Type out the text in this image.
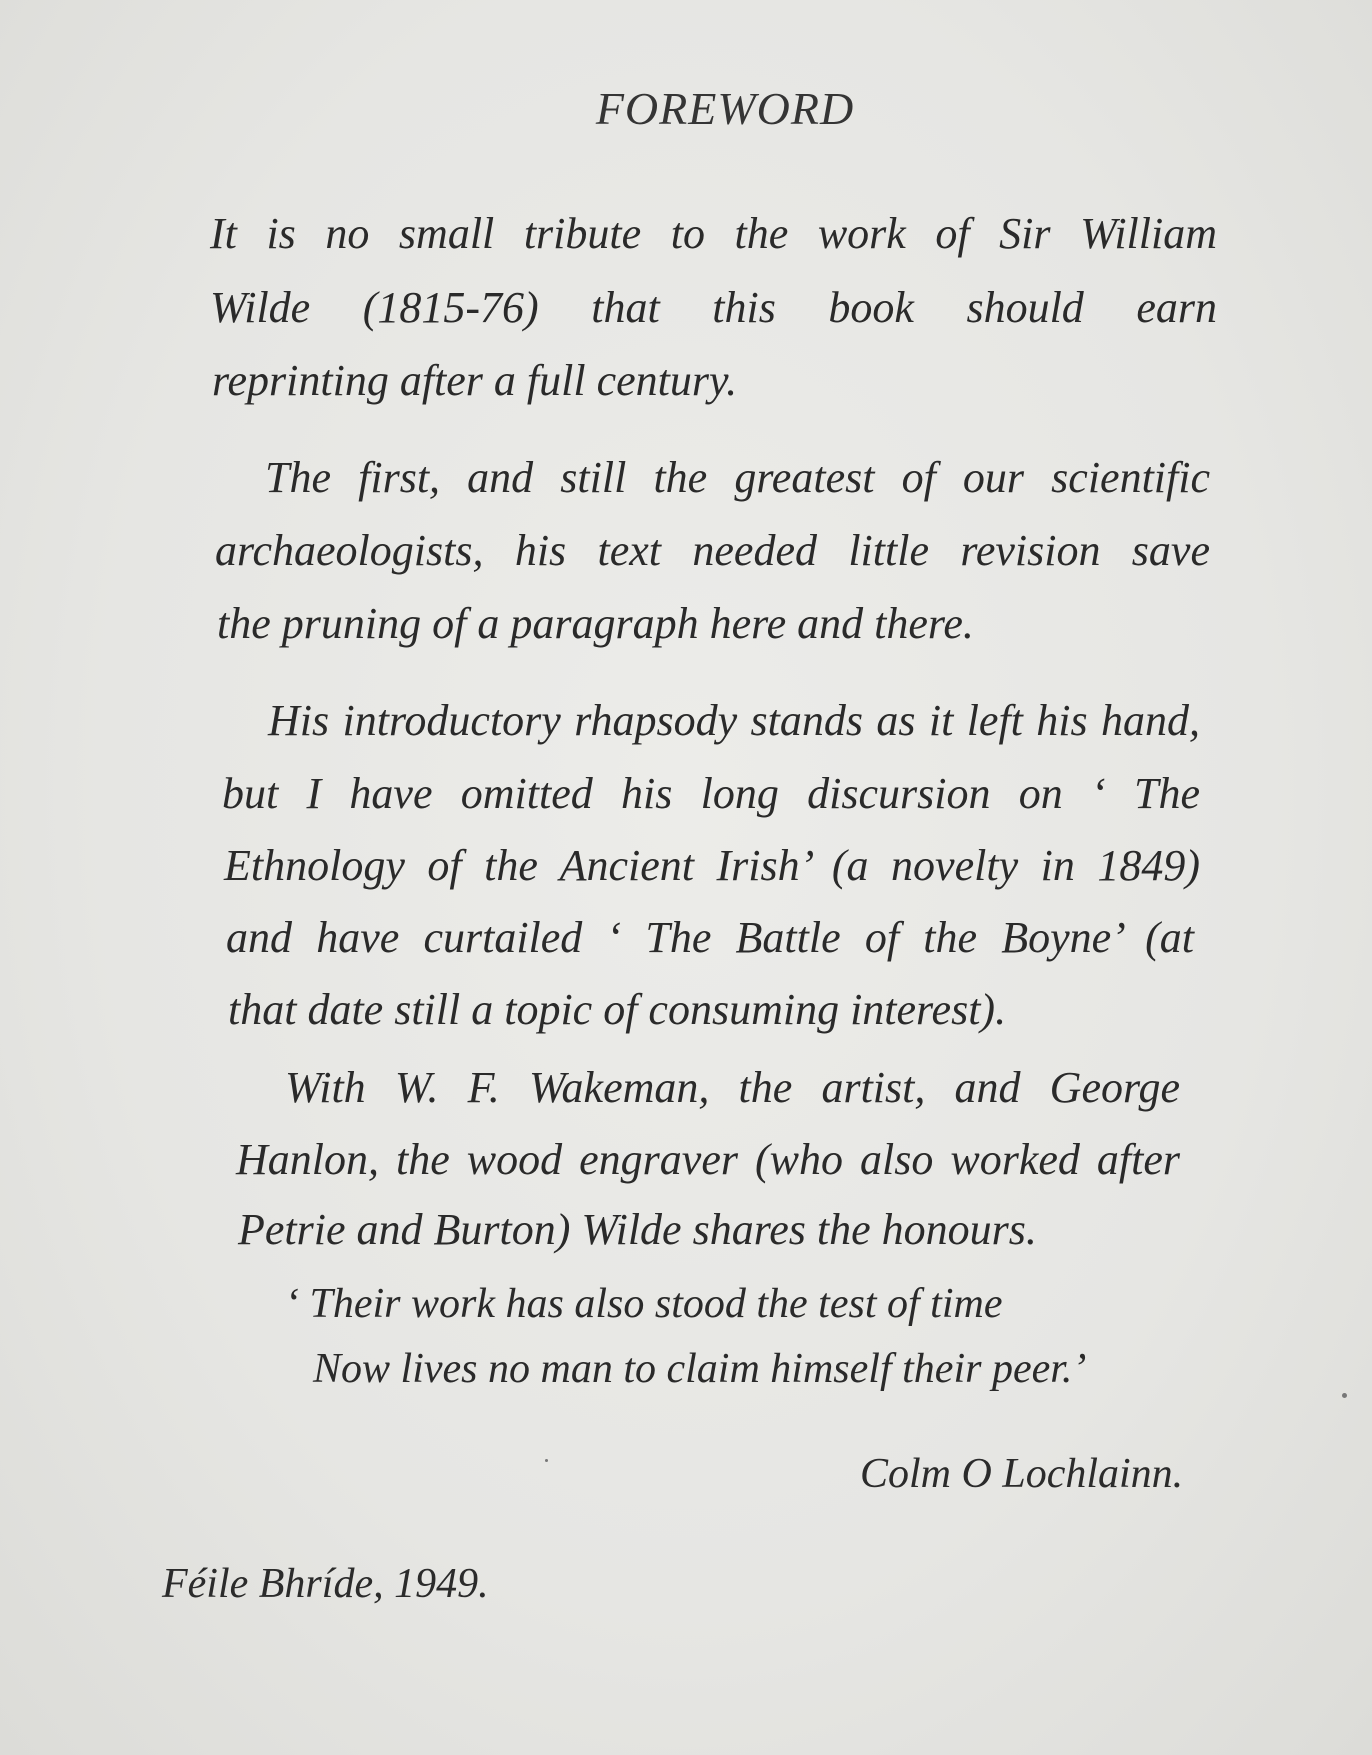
FOREWORD
It is no small tribute to the work of Sir William
Wilde (1815-76) that this book should earn
reprinting after a full century.
The first, and still the greatest of our scientific
archaeologists, his text needed little revision save
the pruning of a paragraph here and there.
His introductory rhapsody stands as it left his hand,
but I have omitted his long discursion on ‘ The
Ethnology of the Ancient Irish’ (a novelty in 1849)
and have curtailed ‘ The Battle of the Boyne’ (at
that date still a topic of consuming interest).
With W. F. Wakeman, the artist, and George
Hanlon, the wood engraver (who also worked after
Petrie and Burton) Wilde shares the honours.
‘ Their work has also stood the test of time
Now lives no man to claim himself their peer.’
Colm O Lochlainn.
Féile Bhríde, 1949.
